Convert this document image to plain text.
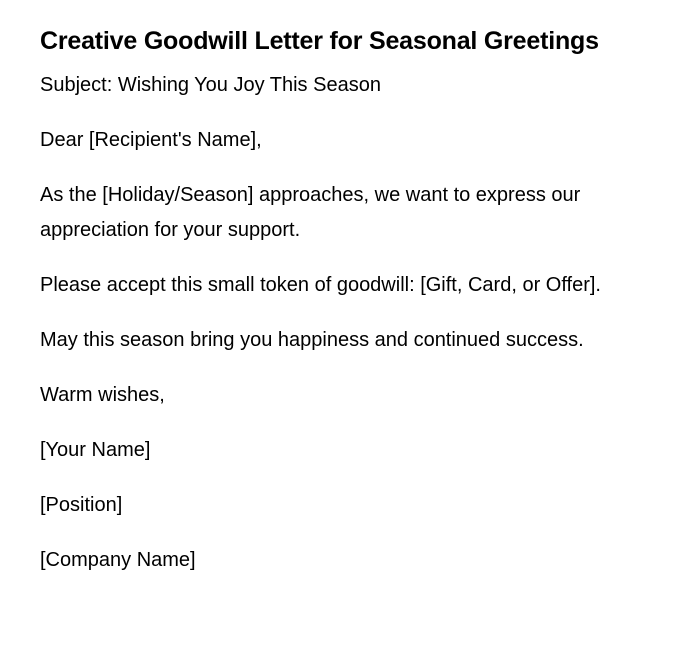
Creative Goodwill Letter for Seasonal Greetings

Subject: Wishing You Joy This Season

Dear [Recipient's Name],

As the [Holiday/Season] approaches, we want to express our appreciation for your support.

Please accept this small token of goodwill: [Gift, Card, or Offer].

May this season bring you happiness and continued success.

Warm wishes,

[Your Name]

[Position]

[Company Name]
